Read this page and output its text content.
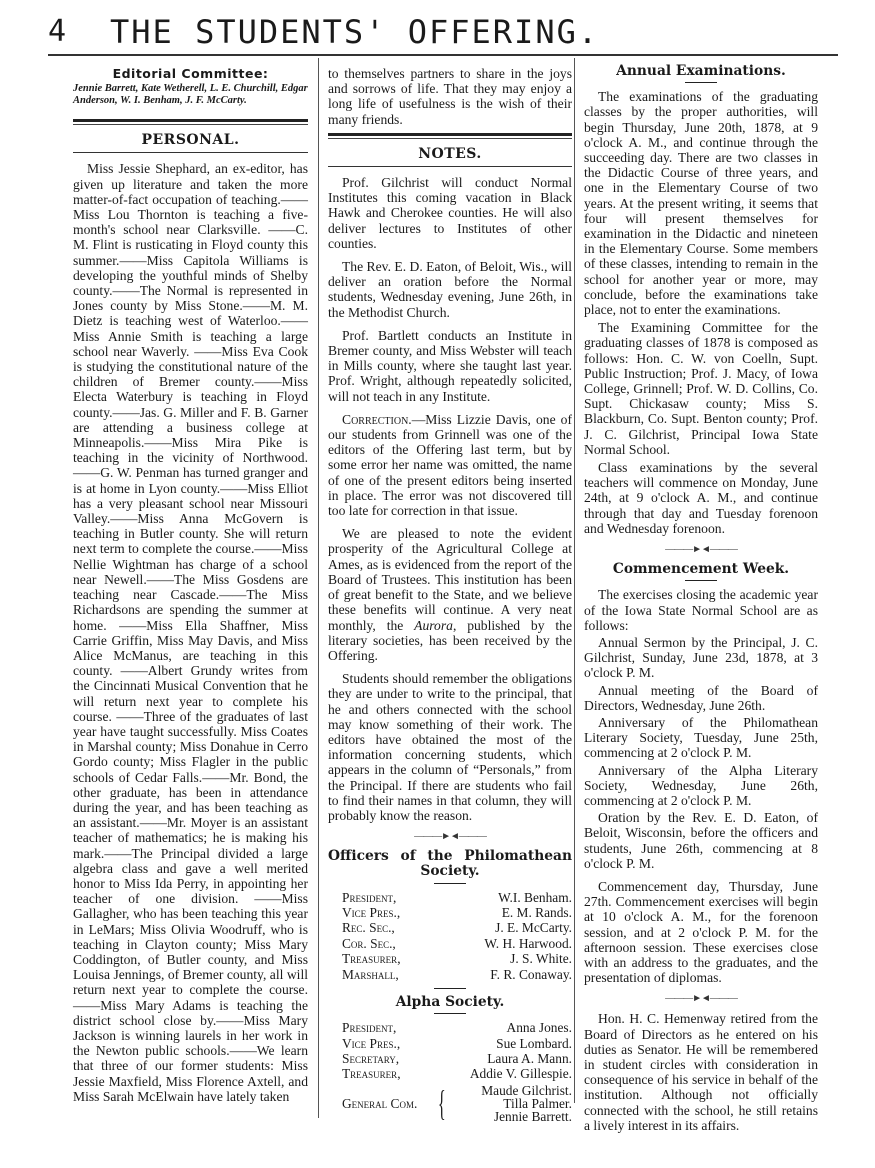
4 THE STUDENTS' OFFERING.
Editorial Committee:
Jennie Barrett, Kate Wetherell, L. E. Churchill, Edgar Anderson, W. I. Benham, J. F. McCarty.
PERSONAL.

Miss Jessie Shephard, an ex-editor, has given up literature and taken the more matter-of-fact occupation of teaching.——Miss Lou Thornton is teaching a five-month's school near Clarksville. ——C. M. Flint is rusticating in Floyd county this summer.——Miss Capitola Williams is developing the youthful minds of Shelby county.——The Normal is represented in Jones county by Miss Stone.——M. M. Dietz is teaching west of Waterloo.——Miss Annie Smith is teaching a large school near Waverly. ——Miss Eva Cook is studying the constitutional nature of the children of Bremer county.——Miss Electa Waterbury is teaching in Floyd county.——Jas. G. Miller and F. B. Garner are attending a business college at Minneapolis.——Miss Mira Pike is teaching in the vicinity of Northwood.——G. W. Penman has turned granger and is at home in Lyon county.——Miss Elliot has a very pleasant school near Missouri Valley.——Miss Anna McGovern is teaching in Butler county. She will return next term to complete the course.——Miss Nellie Wightman has charge of a school near Newell.——The Miss Gosdens are teaching near Cascade.——The Miss Richardsons are spending the summer at home. ——Miss Ella Shaffner, Miss Carrie Griffin, Miss May Davis, and Miss Alice McManus, are teaching in this county. ——Albert Grundy writes from the Cincinnati Musical Convention that he will return next year to complete his course. ——Three of the graduates of last year have taught successfully. Miss Coates in Marshal county; Miss Donahue in Cerro Gordo county; Miss Flagler in the public schools of Cedar Falls.——Mr. Bond, the other graduate, has been in attendance during the year, and has been teaching as an assistant.——Mr. Moyer is an assistant teacher of mathematics; he is making his mark.——The Principal divided a large algebra class and gave a well merited honor to Miss Ida Perry, in appointing her teacher of one division. ——Miss Gallagher, who has been teaching this year in LeMars; Miss Olivia Woodruff, who is teaching in Clayton county; Miss Mary Coddington, of Butler county, and Miss Louisa Jennings, of Bremer county, all will return next year to complete the course.——Miss Mary Adams is teaching the district school close by.——Miss Mary Jackson is winning laurels in her work in the Newton public schools.——We learn that three of our former students: Miss Jessie Maxfield, Miss Florence Axtell, and Miss Sarah McElwain have lately taken

to themselves partners to share in the joys and sorrows of life. That they may enjoy a long life of usefulness is the wish of their many friends.

NOTES.

Prof. Gilchrist will conduct Normal Institutes this coming vacation in Black Hawk and Cherokee counties. He will also deliver lectures to Institutes of other counties.

The Rev. E. D. Eaton, of Beloit, Wis., will deliver an oration before the Normal students, Wednesday evening, June 26th, in the Methodist Church.

Prof. Bartlett conducts an Institute in Bremer county, and Miss Webster will teach in Mills county, where she taught last year. Prof. Wright, although repeatedly solicited, will not teach in any Institute.

Correction.—Miss Lizzie Davis, one of our students from Grinnell was one of the editors of the Offering last term, but by some error her name was omitted, the name of one of the present editors being inserted in place. The error was not discovered till too late for correction in that issue.

We are pleased to note the evident prosperity of the Agricultural College at Ames, as is evidenced from the report of the Board of Trustees. This institution has been of great benefit to the State, and we believe these benefits will continue. A very neat monthly, the Aurora, published by the literary societies, has been received by the Offering.

Students should remember the obligations they are under to write to the principal, that he and others connected with the school may know something of their work. The editors have obtained the most of the information concerning students, which appears in the column of “Personals,” from the Principal. If there are students who fail to find their names in that column, they will probably know the reason.

———►◄———
Officers of the Philomathean Society.
President,	W.I. Benham.
Vice Pres.,	E. M. Rands.
Rec. Sec.,	J. E. McCarty.
Cor. Sec.,	W. H. Harwood.
Treasurer,	J. S. White.
Marshall,	F. R. Conaway.
Alpha Society.
President,	Anna Jones.
Vice Pres.,	Sue Lombard.
Secretary,	Laura A. Mann.
Treasurer,	Addie V. Gillespie.
General Com. {	Maude Gilchrist.
Tilla Palmer.
Jennie Barrett.
Annual Examinations.

The examinations of the graduating classes by the proper authorities, will begin Thursday, June 20th, 1878, at 9 o'clock A. M., and continue through the succeeding day. There are two classes in the Didactic Course of three years, and one in the Elementary Course of two years. At the present writing, it seems that four will present themselves for examination in the Didactic and nineteen in the Elementary Course. Some members of these classes, intending to remain in the school for another year or more, may conclude, before the examinations take place, not to enter the examinations.

The Examining Committee for the graduating classes of 1878 is composed as follows: Hon. C. W. von Coelln, Supt. Public Instruction; Prof. J. Macy, of Iowa College, Grinnell; Prof. W. D. Collins, Co. Supt. Chickasaw county; Miss S. Blackburn, Co. Supt. Benton county; Prof. J. C. Gilchrist, Principal Iowa State Normal School.

Class examinations by the several teachers will commence on Monday, June 24th, at 9 o'clock A. M., and continue through that day and Tuesday forenoon and Wednesday forenoon.

———►◄———
Commencement Week.

The exercises closing the academic year of the Iowa State Normal School are as follows:

Annual Sermon by the Principal, J. C. Gilchrist, Sunday, June 23d, 1878, at 3 o'clock P. M.

Annual meeting of the Board of Directors, Wednesday, June 26th.

Anniversary of the Philomathean Literary Society, Tuesday, June 25th, commencing at 2 o'clock P. M.

Anniversary of the Alpha Literary Society, Wednesday, June 26th, commencing at 2 o'clock P. M.

Oration by the Rev. E. D. Eaton, of Beloit, Wisconsin, before the officers and students, June 26th, commencing at 8 o'clock P. M.

Commencement day, Thursday, June 27th. Commencement exercises will begin at 10 o'clock A. M., for the forenoon session, and at 2 o'clock P. M. for the afternoon session. These exercises close with an address to the graduates, and the presentation of diplomas.

———►◄———

Hon. H. C. Hemenway retired from the Board of Directors as he entered on his duties as Senator. He will be remembered in student circles with consideration in consequence of his service in behalf of the institution. Although not officially connected with the school, he still retains a lively interest in its affairs.
